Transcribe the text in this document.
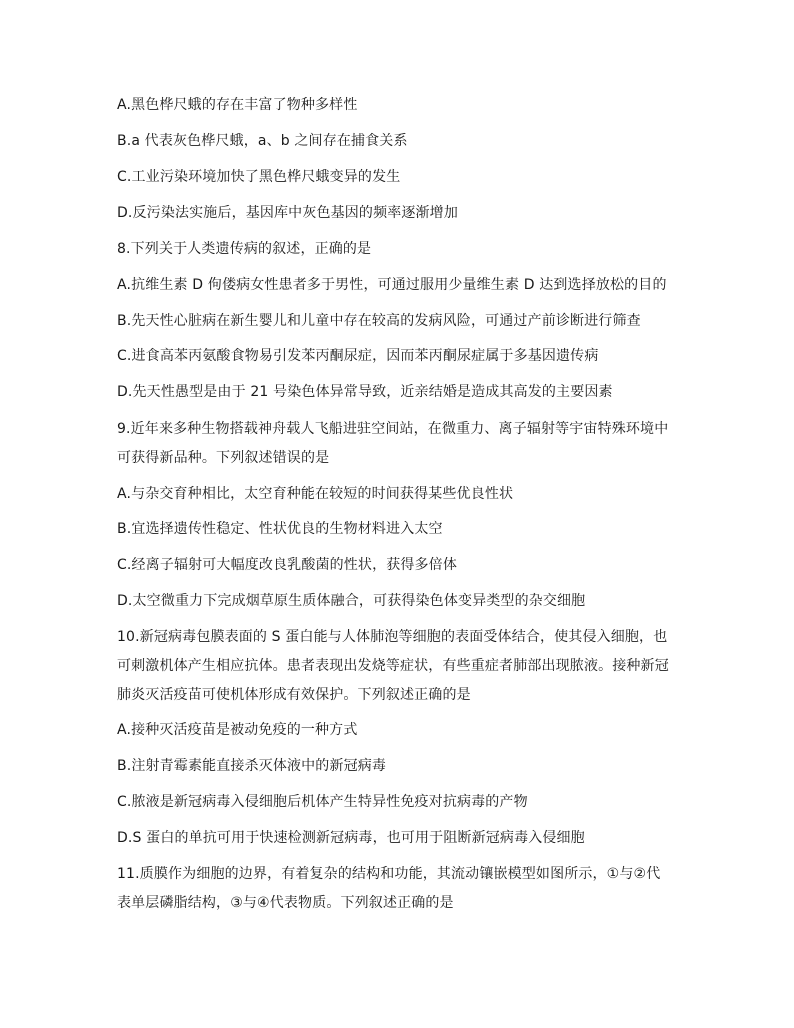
A.黑色桦尺蛾的存在丰富了物种多样性
B.a 代表灰色桦尺蛾，a、b 之间存在捕食关系
C.工业污染环境加快了黑色桦尺蛾变异的发生
D.反污染法实施后，基因库中灰色基因的频率逐渐增加
8.下列关于人类遗传病的叙述，正确的是
A.抗维生素 D 佝偻病女性患者多于男性，可通过服用少量维生素 D 达到选择放松的目的
B.先天性心脏病在新生婴儿和儿童中存在较高的发病风险，可通过产前诊断进行筛查
C.进食高苯丙氨酸食物易引发苯丙酮尿症，因而苯丙酮尿症属于多基因遗传病
D.先天性愚型是由于 21 号染色体异常导致，近亲结婚是造成其高发的主要因素
9.近年来多种生物搭载神舟载人飞船进驻空间站，在微重力、离子辐射等宇宙特殊环境中
可获得新品种。下列叙述错误的是
A.与杂交育种相比，太空育种能在较短的时间获得某些优良性状
B.宜选择遗传性稳定、性状优良的生物材料进入太空
C.经离子辐射可大幅度改良乳酸菌的性状，获得多倍体
D.太空微重力下完成烟草原生质体融合，可获得染色体变异类型的杂交细胞
10.新冠病毒包膜表面的 S 蛋白能与人体肺泡等细胞的表面受体结合，使其侵入细胞，也
可刺激机体产生相应抗体。患者表现出发烧等症状，有些重症者肺部出现脓液。接种新冠
肺炎灭活疫苗可使机体形成有效保护。下列叙述正确的是
A.接种灭活疫苗是被动免疫的一种方式
B.注射青霉素能直接杀灭体液中的新冠病毒
C.脓液是新冠病毒入侵细胞后机体产生特异性免疫对抗病毒的产物
D.S 蛋白的单抗可用于快速检测新冠病毒，也可用于阻断新冠病毒入侵细胞
11.质膜作为细胞的边界，有着复杂的结构和功能，其流动镶嵌模型如图所示，①与②代
表单层磷脂结构，③与④代表物质。下列叙述正确的是
